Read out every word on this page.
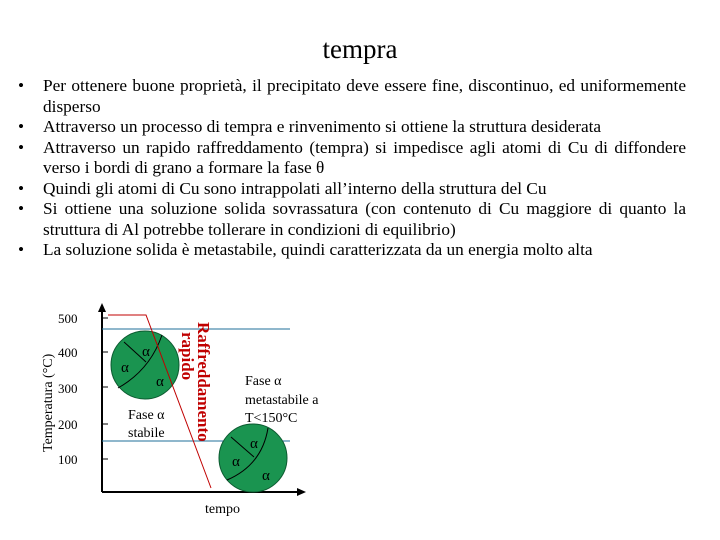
tempra
• Per ottenere buone proprietà, il precipitato deve essere fine, discontinuo, ed uniformemente disperso
• Attraverso un processo di tempra e rinvenimento si ottiene la struttura desiderata
• Attraverso un rapido raffreddamento (tempra) si impedisce agli atomi di Cu di diffondere verso i bordi di grano a formare la fase θ
• Quindi gli atomi di Cu sono intrappolati all’interno della struttura del Cu
• Si ottiene una soluzione solida sovrassatura (con contenuto di Cu maggiore di quanto la struttura di Al potrebbe tollerare in condizioni di equilibrio)
• La soluzione solida è metastabile, quindi caratterizzata da un energia molto alta
500
400
300
200
100
Temperatura (°C)
tempo
α
α
α
α
α
α
Raffreddamento
rapido
Fase α
stabile
Fase α
metastabile a
T<150°C
